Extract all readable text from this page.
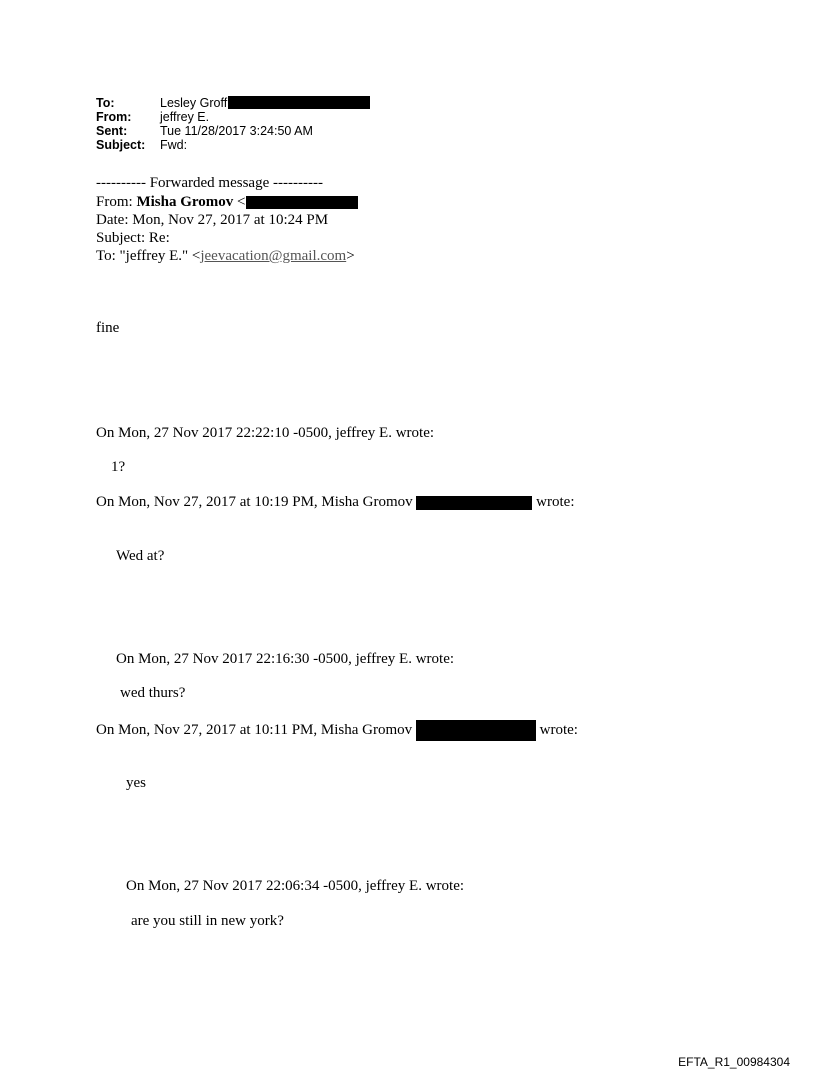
To:	Lesley Groff
From:	jeffrey E.
Sent:	Tue 11/28/2017 3:24:50 AM
Subject:	Fwd:
---------- Forwarded message ----------
From: Misha Gromov <
Date: Mon, Nov 27, 2017 at 10:24 PM
Subject: Re:
To: "jeffrey E." <jeevacation@gmail.com>
fine
On Mon, 27 Nov 2017 22:22:10 -0500, jeffrey E. wrote:
1?
On Mon, Nov 27, 2017 at 10:19 PM, Misha Gromov	wrote:
Wed at?
On Mon, 27 Nov 2017 22:16:30 -0500, jeffrey E. wrote:
wed thurs?
On Mon, Nov 27, 2017 at 10:11 PM, Misha Gromov	wrote:
yes
On Mon, 27 Nov 2017 22:06:34 -0500, jeffrey E. wrote:
are you still in new york?
EFTA_R1_00984304
